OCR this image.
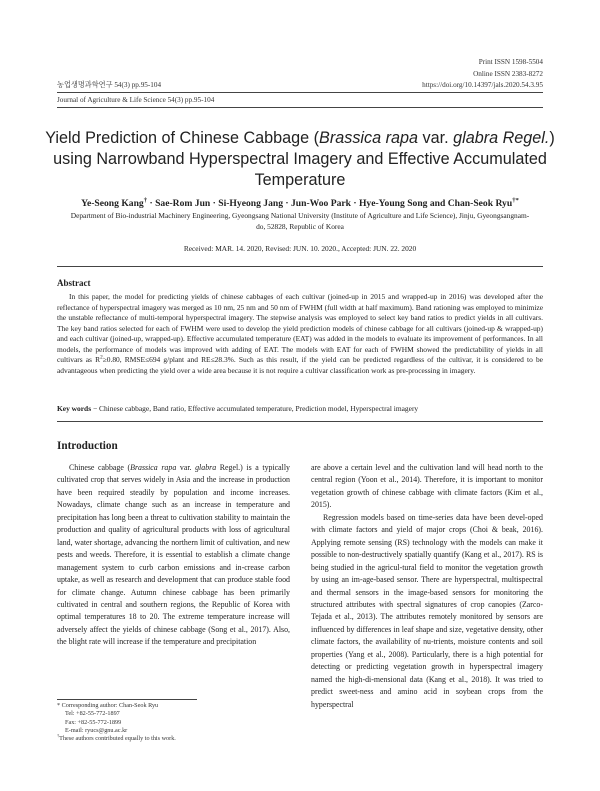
Print ISSN 1598-5504
Online ISSN 2383-8272
농업생명과학연구 54(3) pp.95-104	https://doi.org/10.14397/jals.2020.54.3.95
Journal of Agriculture & Life Science 54(3) pp.95-104
Yield Prediction of Chinese Cabbage (Brassica rapa var. glabra Regel.) using Narrowband Hyperspectral Imagery and Effective Accumulated Temperature
Ye-Seong Kang† · Sae-Rom Jun · Si-Hyeong Jang · Jun-Woo Park · Hye-Young Song and Chan-Seok Ryu†*
Department of Bio-industrial Machinery Engineering, Gyeongsang National University (Institute of Agriculture and Life Science), Jinju, Gyeongsangnam-do, 52828, Republic of Korea
Received: MAR. 14. 2020, Revised: JUN. 10. 2020., Accepted: JUN. 22. 2020
Abstract
In this paper, the model for predicting yields of chinese cabbages of each cultivar (joined-up in 2015 and wrapped-up in 2016) was developed after the reflectance of hyperspectral imagery was merged as 10 nm, 25 nm and 50 nm of FWHM (full width at half maximum). Band rationing was employed to minimize the unstable reflectance of multi-temporal hyperspectral imagery. The stepwise analysis was employed to select key band ratios to predict yields in all cultivars. The key band ratios selected for each of FWHM were used to develop the yield prediction models of chinese cabbage for all cultivars (joined-up & wrapped-up) and each cultivar (joined-up, wrapped-up). Effective accumulated temperature (EAT) was added in the models to evaluate its improvement of performances. In all models, the performance of models was improved with adding of EAT. The models with EAT for each of FWHM showed the predictability of yields in all cultivars as $R^2\ge 0.80$, RMSE≤694 g/plant and RE≤28.3%. Such as this result, if the yield can be predicted regardless of the cultivar, it is considered to be advantageous when predicting the yield over a wide area because it is not require a cultivar classification work as pre-processing in imagery.
Key words − Chinese cabbage, Band ratio, Effective accumulated temperature, Prediction model, Hyperspectral imagery
Introduction

Chinese cabbage (Brassica rapa var. glabra Regel.) is a typically cultivated crop that serves widely in Asia and the increase in production have been required steadily by population and income increases. Nowadays, climate change such as an increase in temperature and precipitation has long been a threat to cultivation stability to maintain the production and quality of agricultural products with loss of agricultural land, water shortage, advancing the northern limit of cultivation, and new pests and weeds. Therefore, it is essential to establish a climate change management system to curb carbon emissions and in-crease carbon uptake, as well as research and development that can produce stable food for climate change. Autumn chinese cabbage has been primarily cultivated in central and southern regions, the Republic of Korea with optimal temperatures 18 to 20. The extreme temperature increase will adversely affect the yields of chinese cabbage (Song et al., 2017). Also, the blight rate will increase if the temperature and precipitation

are above a certain level and the cultivation land will head north to the central region (Yoon et al., 2014). Therefore, it is important to monitor vegetation growth of chinese cabbage with climate factors (Kim et al., 2015).

Regression models based on time-series data have been devel-oped with climate factors and yield of major crops (Choi & beak, 2016). Applying remote sensing (RS) technology with the models can make it possible to non-destructively spatially quantify (Kang et al., 2017). RS is being studied in the agricul-tural field to monitor the vegetation growth by using an im-age-based sensor. There are hyperspectral, multispectral and thermal sensors in the image-based sensors for monitoring the structured attributes with spectral signatures of crop canopies (Zarco-Tejada et al., 2013). The attributes remotely monitored by sensors are influenced by differences in leaf shape and size, vegetative density, other climate factors, the availability of nu-trients, moisture contents and soil properties (Yang et al., 2008). Particularly, there is a high potential for detecting or predicting vegetation growth in hyperspectral imagery named the high-di-mensional data (Kang et al., 2018). It was tried to predict sweet-ness and amino acid in soybean crops from the hyperspectral

* Corresponding author: Chan-Seok Ryu
Tel: +82-55-772-1897
Fax: +82-55-772-1899
E-mail: ryucs@gnu.ac.kr
†These authors contributed equally to this work.
